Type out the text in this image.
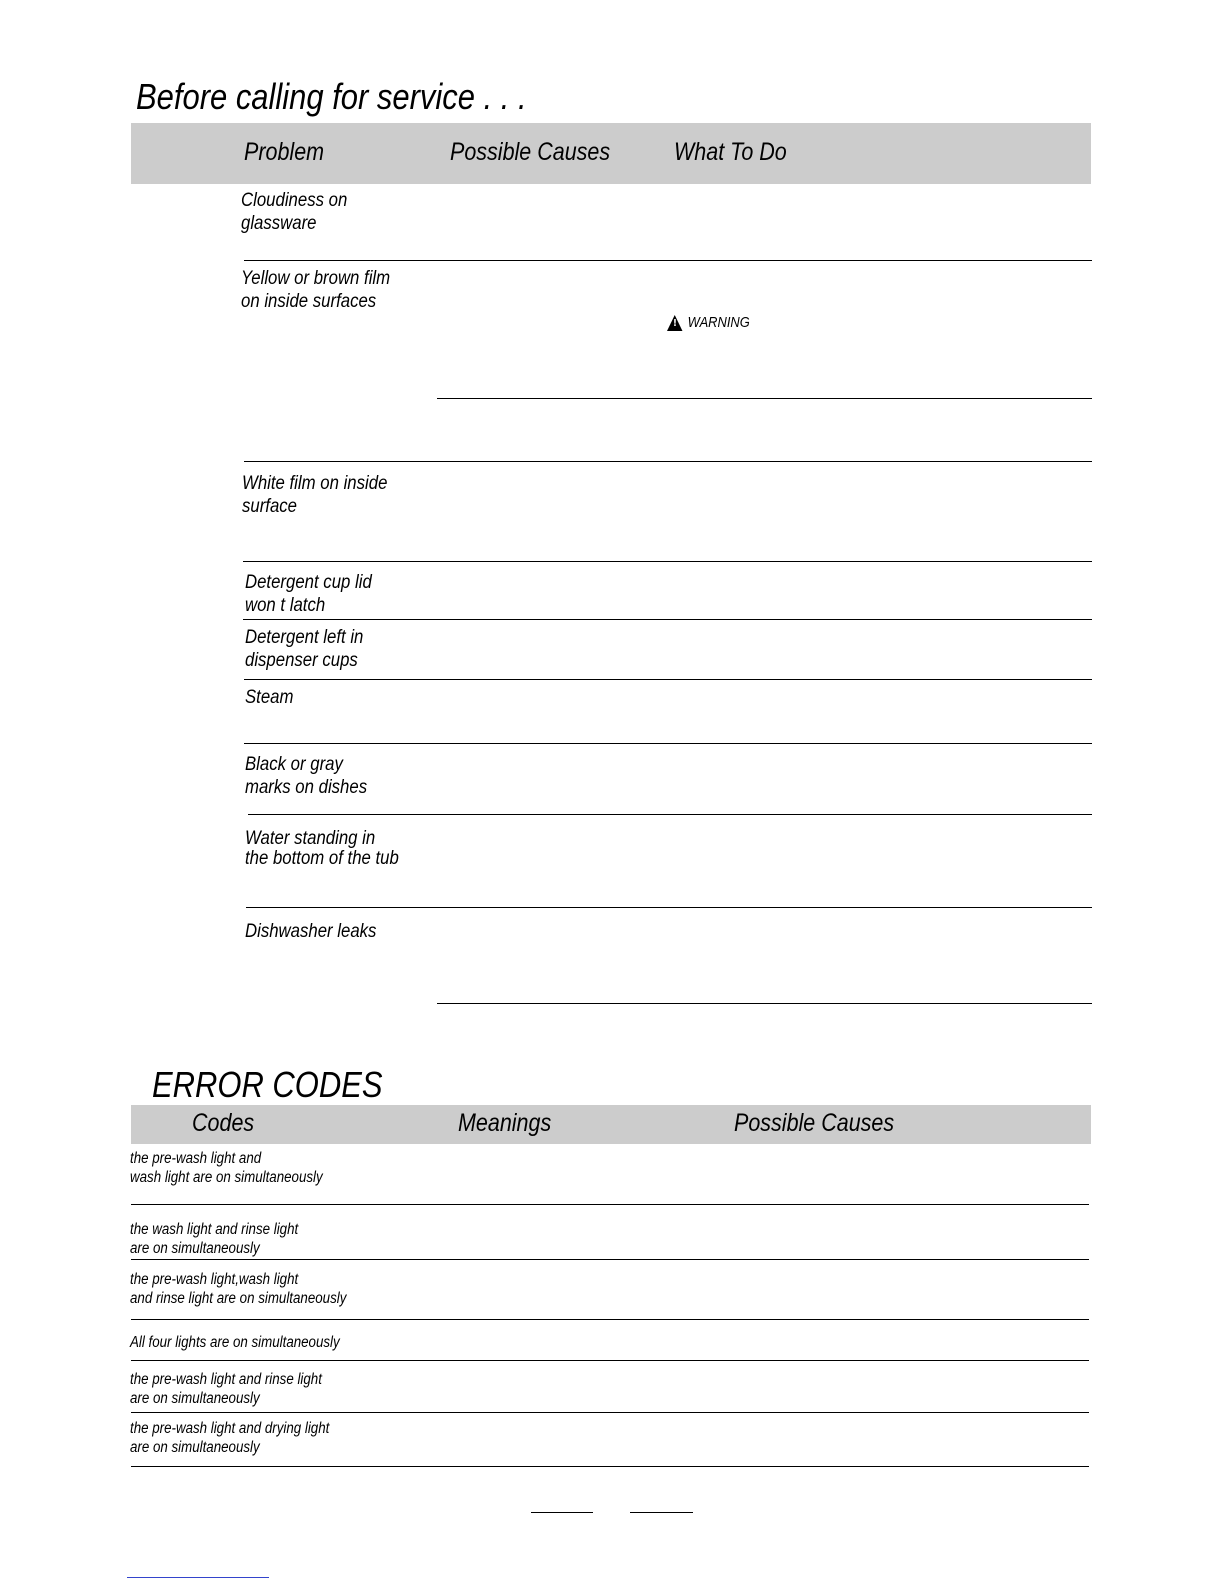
Before calling for service . . .
Problem	Possible Causes	What To Do
Cloudiness on
glassware
Yellow or brown film
on inside surfaces
!
WARNING
White film on inside
surface
Detergent cup lid
won t latch
Detergent left in
dispenser cups
Steam
Black or gray
marks on dishes
Water standing in
the bottom of the tub
Dishwasher leaks
ERROR CODES
Codes	Meanings	Possible Causes
the pre-wash light and
wash light are on simultaneously
the wash light and rinse light
are on simultaneously
the pre-wash light,wash light
and rinse light are on simultaneously
All four lights are on simultaneously
the pre-wash light and rinse light
are on simultaneously
the pre-wash light and drying light
are on simultaneously
